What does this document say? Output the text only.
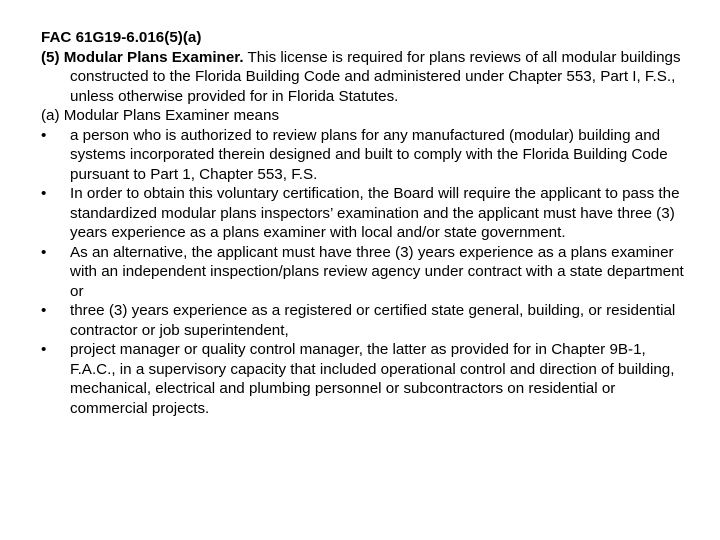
FAC 61G19-6.016(5)(a)

(5) Modular Plans Examiner. This license is required for plans reviews of all modular buildings constructed to the Florida Building Code and administered under Chapter 553, Part I, F.S., unless otherwise provided for in Florida Statutes.

(a) Modular Plans Examiner means

• a person who is authorized to review plans for any manufactured (modular) building and systems incorporated therein designed and built to comply with the Florida Building Code pursuant to Part 1, Chapter 553, F.S.
• In order to obtain this voluntary certification, the Board will require the applicant to pass the standardized modular plans inspectors’ examination and the applicant must have three (3) years experience as a plans examiner with local and/or state government.
• As an alternative, the applicant must have three (3) years experience as a plans examiner with an independent inspection/plans review agency under contract with a state department or
• three (3) years experience as a registered or certified state general, building, or residential contractor or job superintendent,
• project manager or quality control manager, the latter as provided for in Chapter 9B-1, F.A.C., in a supervisory capacity that included operational control and direction of building, mechanical, electrical and plumbing personnel or subcontractors on residential or commercial projects.
